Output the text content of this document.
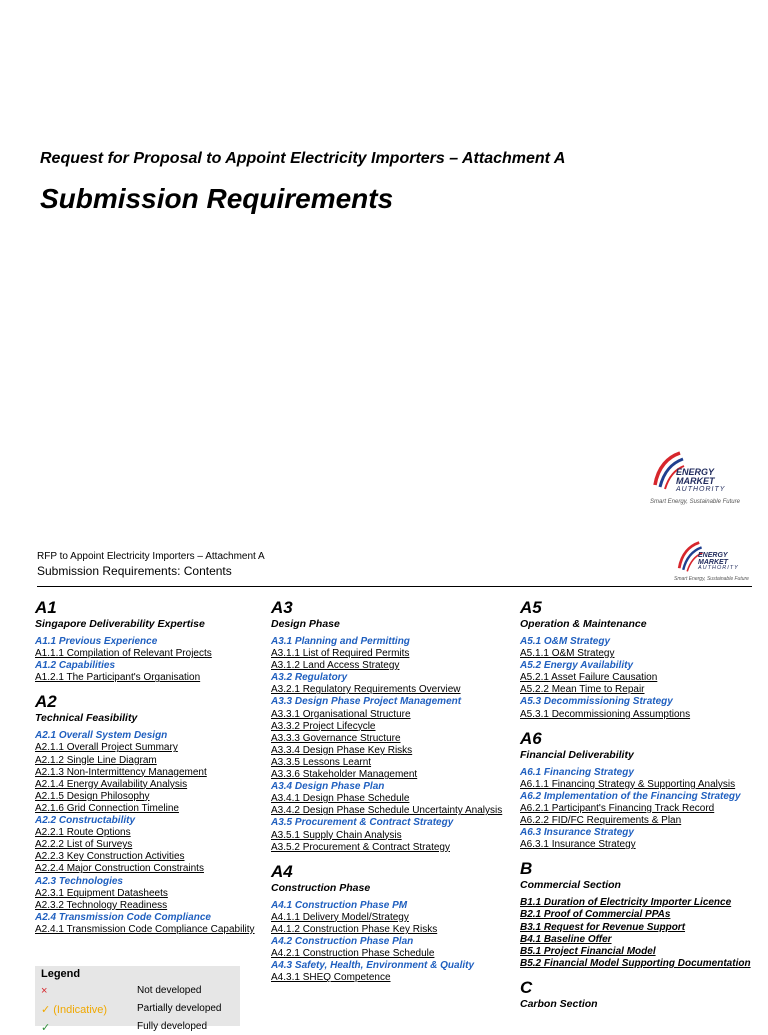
Request for Proposal to Appoint Electricity Importers – Attachment A
Submission Requirements
ENERGY
MARKET
AUTHORITY
Smart Energy, Sustainable Future
RFP to Appoint Electricity Importers – Attachment A
Submission Requirements: Contents
ENERGY
MARKET
AUTHORITY
Smart Energy, Sustainable Future
A1
Singapore Deliverability Expertise
A1.1 Previous Experience
A1.1.1 Compilation of Relevant Projects
A1.2 Capabilities
A1.2.1 The Participant's Organisation
A2
Technical Feasibility
A2.1 Overall System Design
A2.1.1 Overall Project Summary
A2.1.2 Single Line Diagram
A2.1.3 Non-Intermittency Management
A2.1.4 Energy Availability Analysis
A2.1.5 Design Philosophy
A2.1.6 Grid Connection Timeline
A2.2 Constructability
A2.2.1 Route Options
A2.2.2 List of Surveys
A2.2.3 Key Construction Activities
A2.2.4 Major Construction Constraints
A2.3 Technologies
A2.3.1 Equipment Datasheets
A2.3.2 Technology Readiness
A2.4 Transmission Code Compliance
A2.4.1 Transmission Code Compliance Capability
A3
Design Phase
A3.1 Planning and Permitting
A3.1.1 List of Required Permits
A3.1.2 Land Access Strategy
A3.2 Regulatory
A3.2.1 Regulatory Requirements Overview
A3.3 Design Phase Project Management
A3.3.1 Organisational Structure
A3.3.2 Project Lifecycle
A3.3.3 Governance Structure
A3.3.4 Design Phase Key Risks
A3.3.5 Lessons Learnt
A3.3.6 Stakeholder Management
A3.4 Design Phase Plan
A3.4.1 Design Phase Schedule
A3.4.2 Design Phase Schedule Uncertainty Analysis
A3.5 Procurement & Contract Strategy
A3.5.1 Supply Chain Analysis
A3.5.2 Procurement & Contract Strategy
A4
Construction Phase
A4.1 Construction Phase PM
A4.1.1 Delivery Model/Strategy
A4.1.2 Construction Phase Key Risks
A4.2 Construction Phase Plan
A4.2.1 Construction Phase Schedule
A4.3 Safety, Health, Environment & Quality
A4.3.1 SHEQ Competence
A5
Operation & Maintenance
A5.1 O&M Strategy
A5.1.1 O&M Strategy
A5.2 Energy Availability
A5.2.1 Asset Failure Causation
A5.2.2 Mean Time to Repair
A5.3 Decommissioning Strategy
A5.3.1 Decommissioning Assumptions
A6
Financial Deliverability
A6.1 Financing Strategy
A6.1.1 Financing Strategy & Supporting Analysis
A6.2 Implementation of the Financing Strategy
A6.2.1 Participant's Financing Track Record
A6.2.2 FID/FC Requirements & Plan
A6.3 Insurance Strategy
A6.3.1 Insurance Strategy
B
Commercial Section
B1.1 Duration of Electricity Importer Licence
B2.1 Proof of Commercial PPAs
B3.1 Request for Revenue Support
B4.1 Baseline Offer
B5.1 Project Financial Model
B5.2 Financial Model Supporting Documentation
C
Carbon Section
Legend
×	Not developed
✓ (Indicative)	Partially developed
✓	Fully developed
